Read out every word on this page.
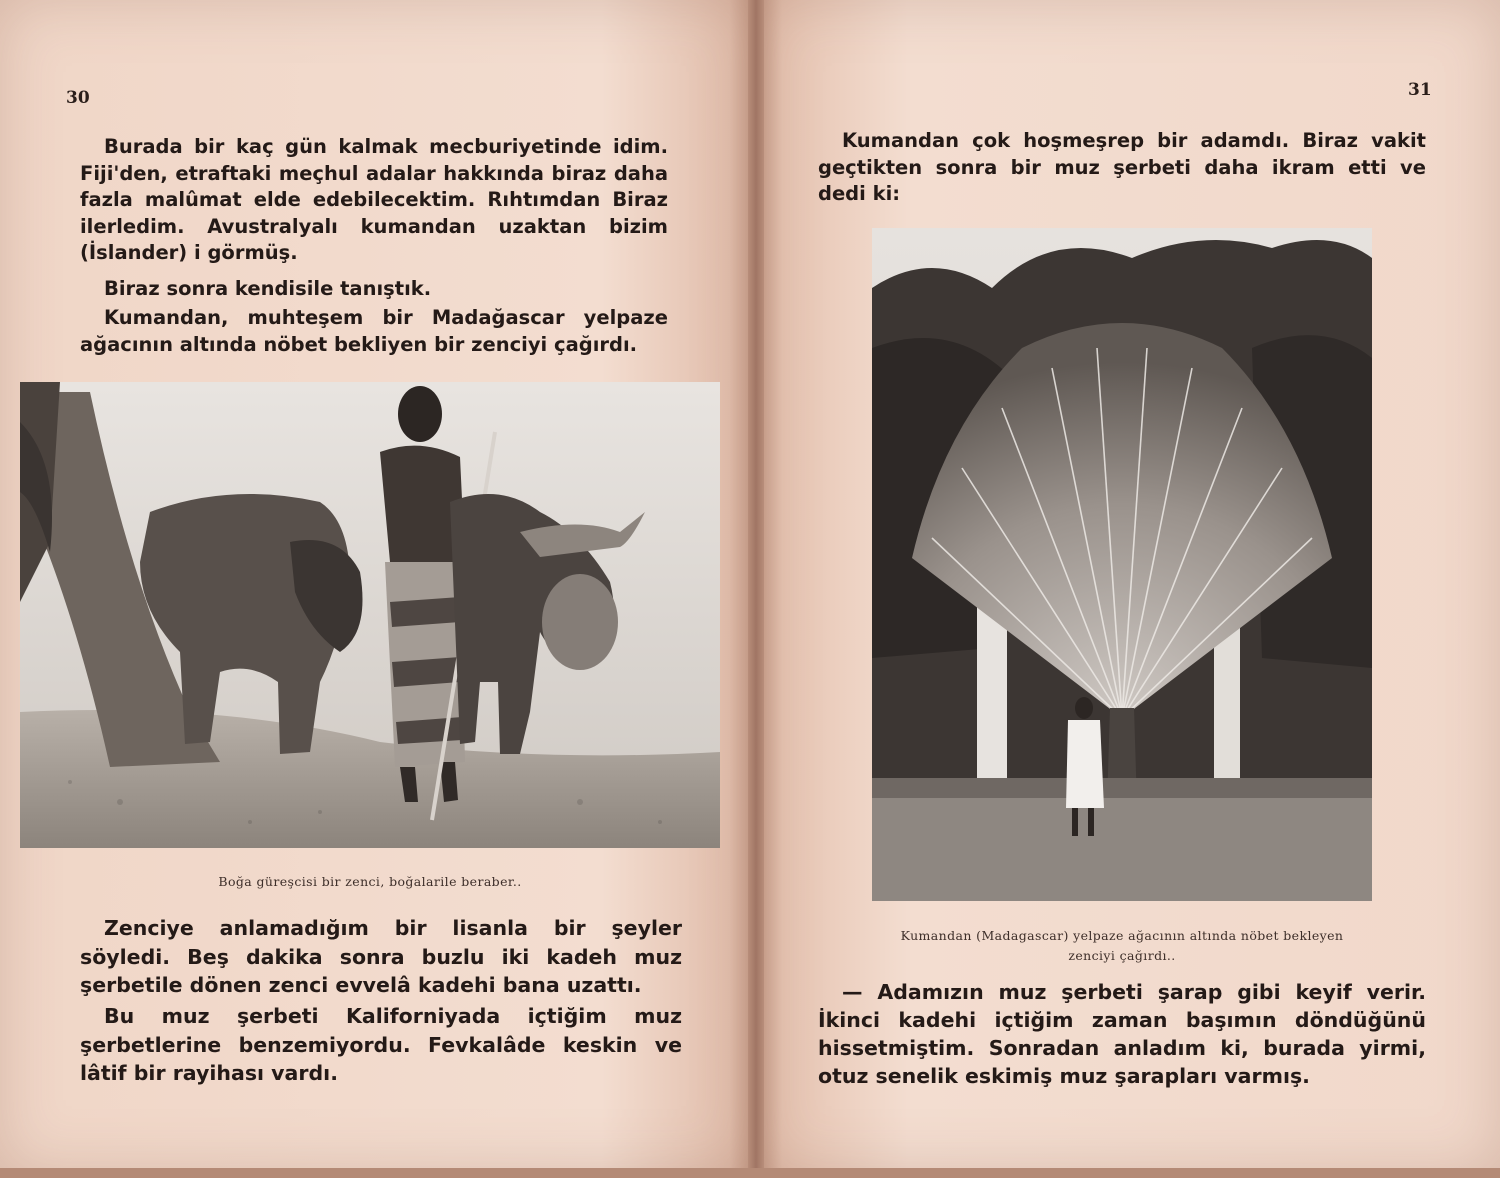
30

Burada bir kaç gün kalmak mecburiyetinde idim. Fiji'den, etraftaki meçhul adalar hakkında biraz daha fazla malûmat elde edebilecektim. Rıhtımdan Biraz ilerledim. Avustralyalı kumandan uzaktan bizim (İslander) i görmüş.

Biraz sonra kendisile tanıştık.

Kumandan, muhteşem bir Madağascar yelpaze ağacının altında nöbet bekliyen bir zenciyi çağırdı.

Boğa güreşcisi bir zenci, boğalarile beraber..

Zenciye anlamadığım bir lisanla bir şeyler söyledi. Beş dakika sonra buzlu iki kadeh muz şerbetile dönen zenci evvelâ kadehi bana uzattı.

Bu muz şerbeti Kaliforniyada içtiğim muz şerbetlerine benzemiyordu. Fevkalâde keskin ve lâtif bir rayihası vardı.

31

Kumandan çok hoşmeşrep bir adamdı. Biraz vakit geçtikten sonra bir muz şerbeti daha ikram etti ve dedi ki:

Kumandan (Madagascar) yelpaze ağacının altında nöbet bekleyen
zenciyi çağırdı..

— Adamızın muz şerbeti şarap gibi keyif verir. İkinci kadehi içtiğim zaman başımın döndüğünü hissetmiştim. Sonradan anladım ki, burada yirmi, otuz senelik eskimiş muz şarapları varmış.
